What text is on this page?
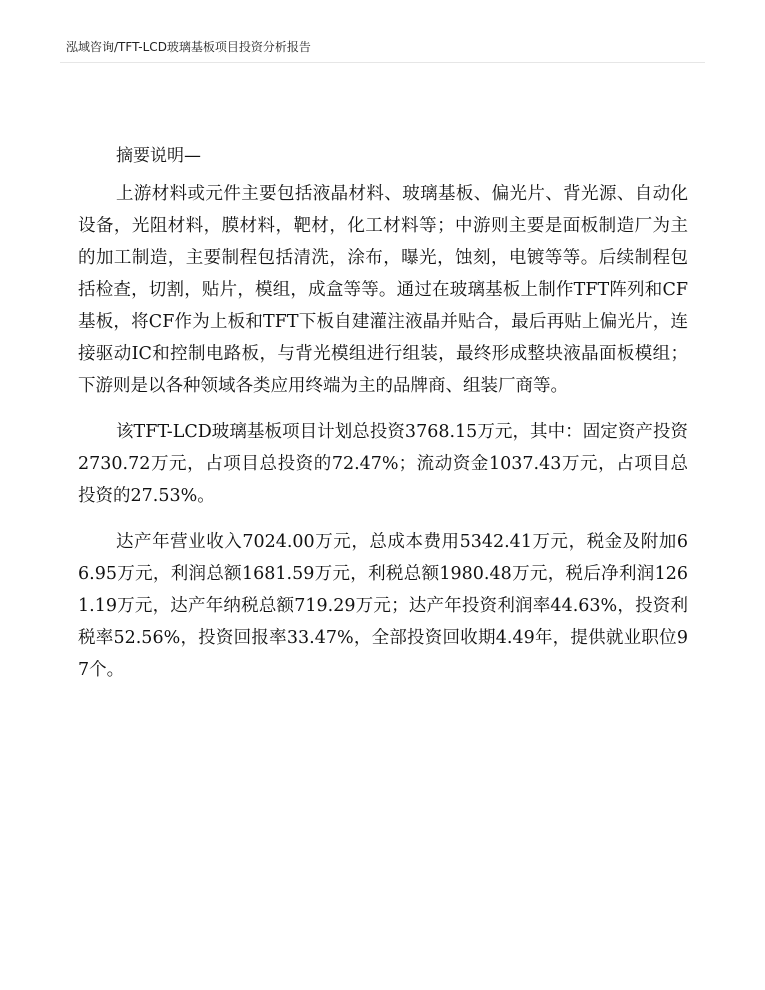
泓域咨询/TFT-LCD玻璃基板项目投资分析报告
摘要说明—

上游材料或元件主要包括液晶材料、玻璃基板、偏光片、背光源、自动化设备，光阻材料，膜材料，靶材，化工材料等；中游则主要是面板制造厂为主的加工制造，主要制程包括清洗，涂布，曝光，蚀刻，电镀等等。后续制程包括检查，切割，贴片，模组，成盒等等。通过在玻璃基板上制作TFT阵列和CF基板，将CF作为上板和TFT下板自建灌注液晶并贴合，最后再贴上偏光片，连接驱动IC和控制电路板，与背光模组进行组装，最终形成整块液晶面板模组；下游则是以各种领域各类应用终端为主的品牌商、组装厂商等。

该TFT-LCD玻璃基板项目计划总投资3768.15万元，其中：固定资产投资2730.72万元，占项目总投资的72.47%；流动资金1037.43万元，占项目总投资的27.53%。

达产年营业收入7024.00万元，总成本费用5342.41万元，税金及附加66.95万元，利润总额1681.59万元，利税总额1980.48万元，税后净利润1261.19万元，达产年纳税总额719.29万元；达产年投资利润率44.63%，投资利税率52.56%，投资回报率33.47%，全部投资回收期4.49年，提供就业职位97个。
